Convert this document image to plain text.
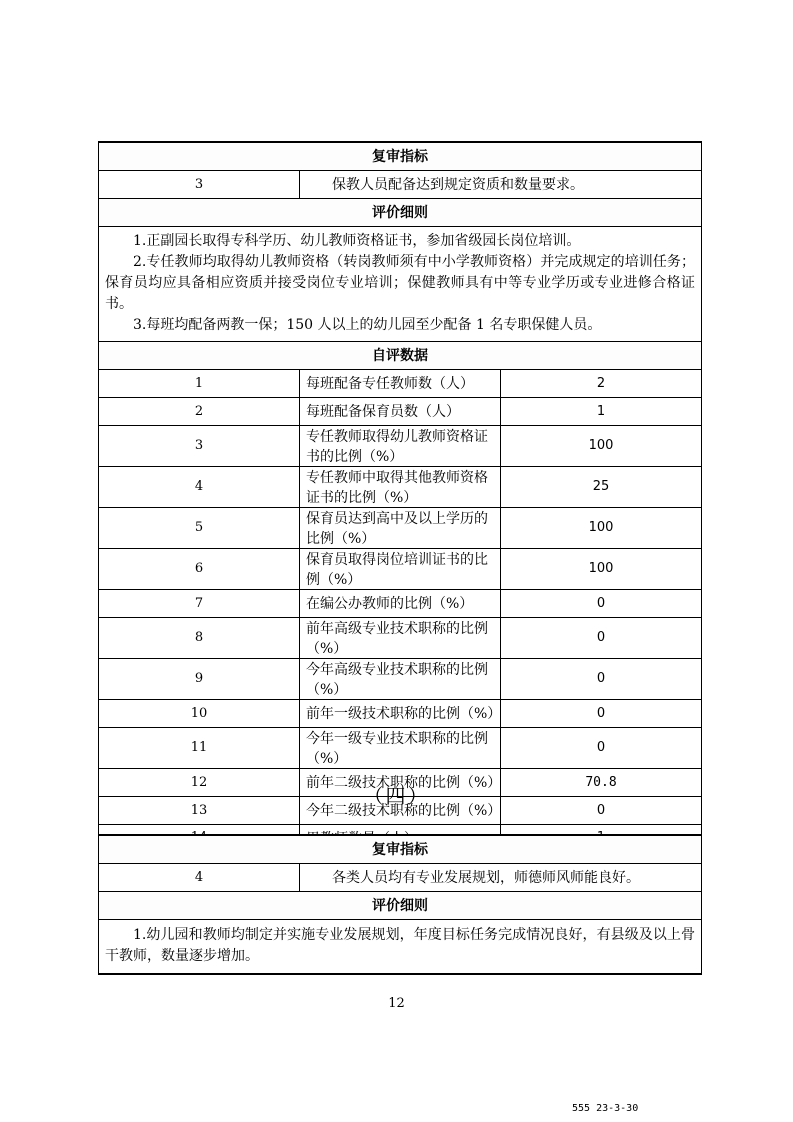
复审指标		
3	保教人员配备达到规定资质和数量要求。	
评价细则		

1.正副园长取得专科学历、幼儿教师资格证书，参加省级园长岗位培训。

2.专任教师均取得幼儿教师资格（转岗教师须有中小学教师资格）并完成规定的培训任务；保育员均应具备相应资质并接受岗位专业培训；保健教师具有中等专业学历或专业进修合格证书。

3.每班均配备两教一保；150 人以上的幼儿园至少配备 1 名专职保健人员。		

自评数据		
1	每班配备专任教师数（人）	2
2	每班配备保育员数（人）	1
3	专任教师取得幼儿教师资格证书的比例（%）	100
4	专任教师中取得其他教师资格证书的比例（%）	25
5	保育员达到高中及以上学历的比例（%）	100
6	保育员取得岗位培训证书的比例（%）	100
7	在编公办教师的比例（%）	0
8	前年高级专业技术职称的比例（%）	0
9	今年高级专业技术职称的比例（%）	0
10	前年一级技术职称的比例（%）	0
11	今年一级专业技术职称的比例（%）	0
12	前年二级技术职称的比例（%）	70.8
13	今年二级技术职称的比例（%）	0

（四）
复审指标
4	各类人员均有专业发展规划，师德师风师能良好。
评价细则

1.幼儿园和教师均制定并实施专业发展规划，年度目标任务完成情况良好，有县级及以上骨干教师，数量逐步增加。

12
555 23-3-30
